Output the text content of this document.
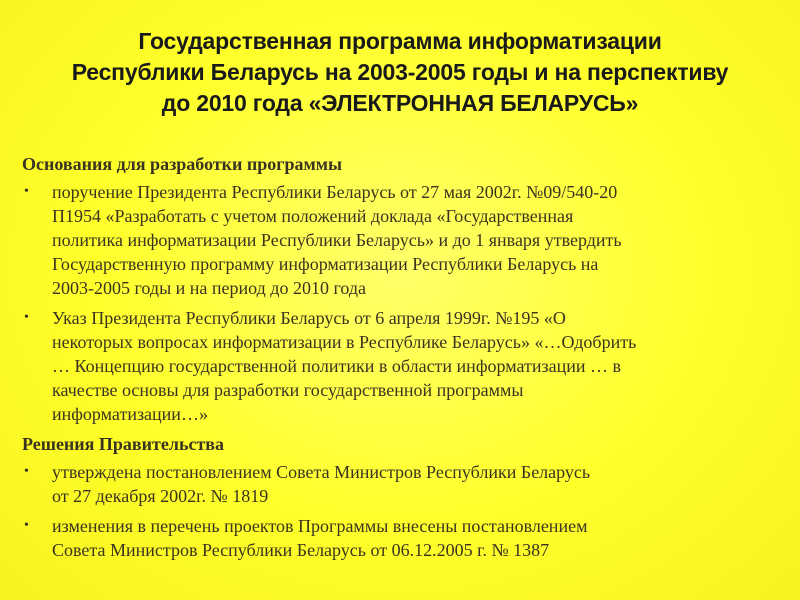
Государственная программа информатизации
Республики Беларусь на 2003-2005 годы и на перспективу
до 2010 года «ЭЛЕКТРОННАЯ БЕЛАРУСЬ»
Основания для разработки программы
• поручение Президента Республики Беларусь от 27 мая 2002г. №09/540-20
П1954 «Разработать с учетом положений доклада «Государственная
политика информатизации Республики Беларусь» и до 1 января утвердить
Государственную программу информатизации Республики Беларусь на
2003-2005 годы и на период до 2010 года
• Указ Президента Республики Беларусь от 6 апреля 1999г. №195 «О
некоторых вопросах информатизации в Республике Беларусь» «…Одобрить
… Концепцию государственной политики в области информатизации … в
качестве основы для разработки государственной программы
информатизации…»
Решения Правительства
• утверждена постановлением Совета Министров Республики Беларусь
от 27 декабря 2002г. № 1819
• изменения в перечень проектов Программы внесены постановлением
Совета Министров Республики Беларусь от 06.12.2005 г. № 1387
